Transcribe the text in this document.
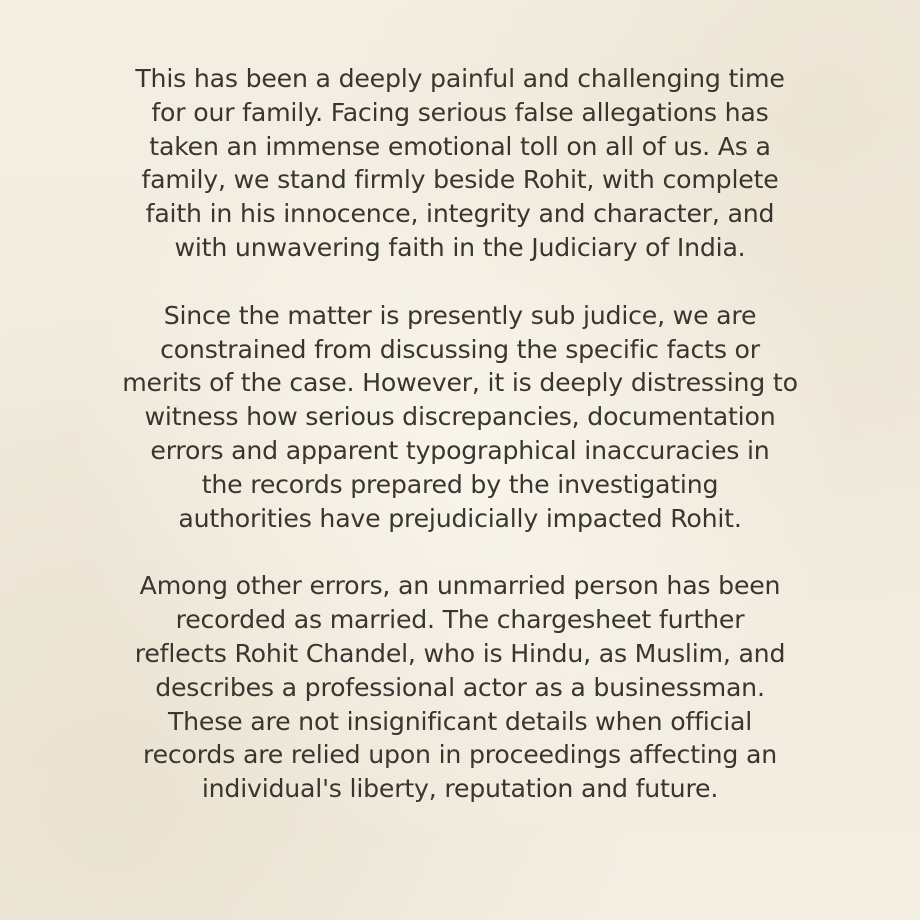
This has been a deeply painful and challenging time
for our family. Facing serious false allegations has
taken an immense emotional toll on all of us. As a
family, we stand firmly beside Rohit, with complete
faith in his innocence, integrity and character, and
with unwavering faith in the Judiciary of India.

Since the matter is presently sub judice, we are
constrained from discussing the specific facts or
merits of the case. However, it is deeply distressing to
witness how serious discrepancies, documentation
errors and apparent typographical inaccuracies in
the records prepared by the investigating
authorities have prejudicially impacted Rohit.

Among other errors, an unmarried person has been
recorded as married. The chargesheet further
reflects Rohit Chandel, who is Hindu, as Muslim, and
describes a professional actor as a businessman.
These are not insignificant details when official
records are relied upon in proceedings affecting an
individual's liberty, reputation and future.
